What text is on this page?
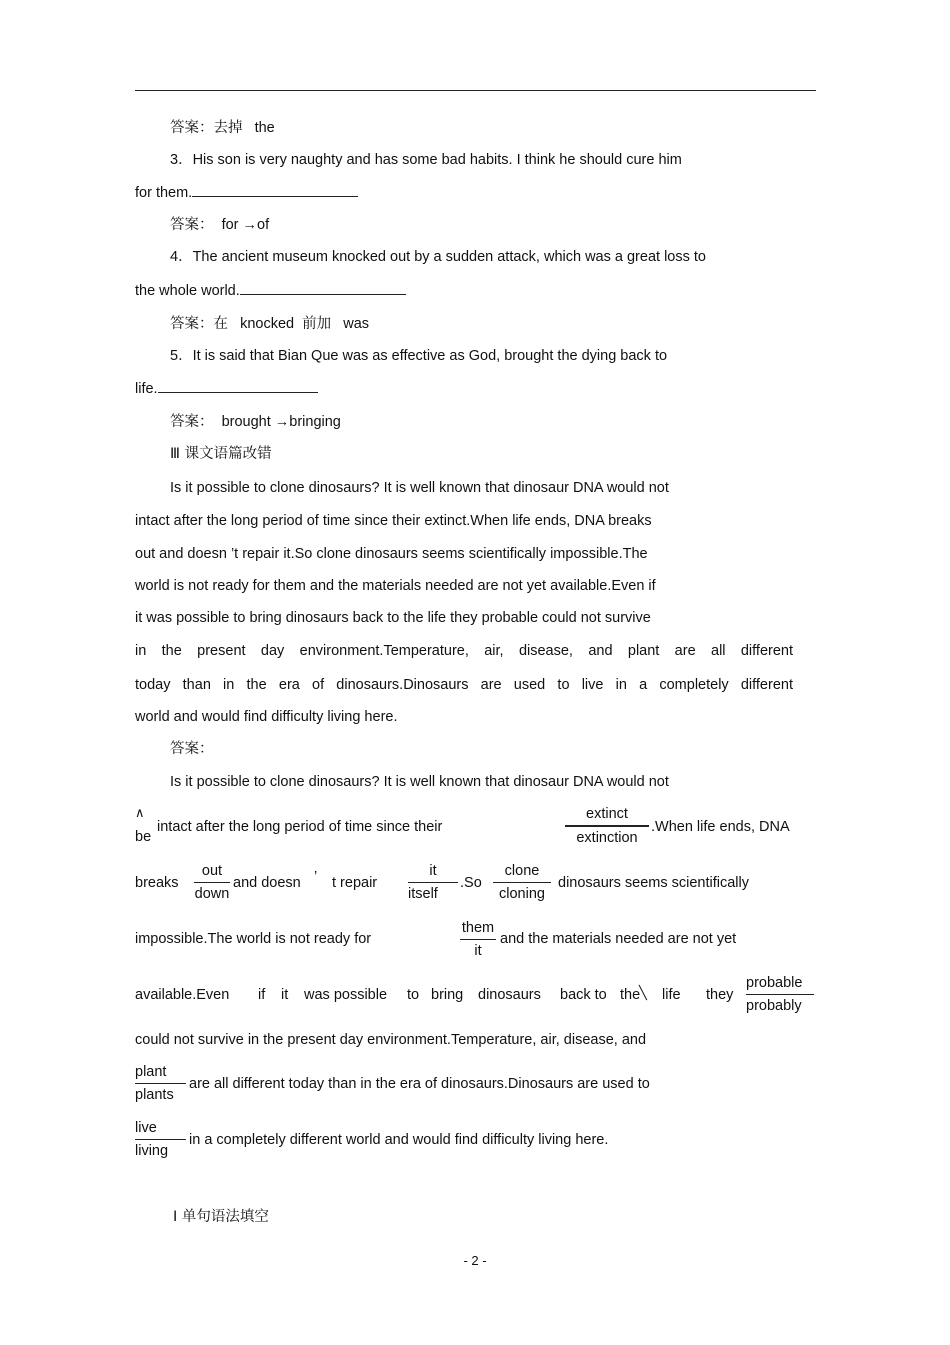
答案：去掉 the
3．His son is very naughty and has some bad habits. I think he should cure him
for them.
答案： for →of
4．The ancient museum knocked out by a sudden attack, which was a great loss to
the whole world.
答案：在 knocked 前加 was
5．It is said that Bian Que was as effective as God, brought the dying back to
life.
答案： brought →bringing
Ⅲ 课文语篇改错
Is it possible to clone dinosaurs? It is well known that dinosaur DNA would not
intact after the long period of time since their extinct.When life ends, DNA breaks
out and doesn ’t repair it.So clone dinosaurs seems scientifically impossible.The
world is not ready for them and the materials needed are not yet available.Even if
it was possible to bring dinosaurs back to the life they probable could not survive
in the present day environment.Temperature, air, disease, and plant are all different
today than in the era of dinosaurs.Dinosaurs are used to live in a completely different
world and would find difficulty living here.
答案：
Is it possible to clone dinosaurs? It is well known that dinosaur DNA would not
∧
be
intact after the long period of time since their
extinct
extinction
.When life ends, DNA
breaks
out
down
and doesn ’ t repair
it
itself
.So
clone
cloning
dinosaurs seems scientifically
impossible.The world is not ready for
them
it
and the materials needed are not yet
available.Even if it was possible to bring dinosaurs back to the
╲ life they
probable
probably
could not survive in the present day environment.Temperature, air, disease, and
plant
plants
are all different today than in the era of dinosaurs.Dinosaurs are used to
live
living
in a completely different world and would find difficulty living here.
Ⅰ 单句语法填空
- 2 -
